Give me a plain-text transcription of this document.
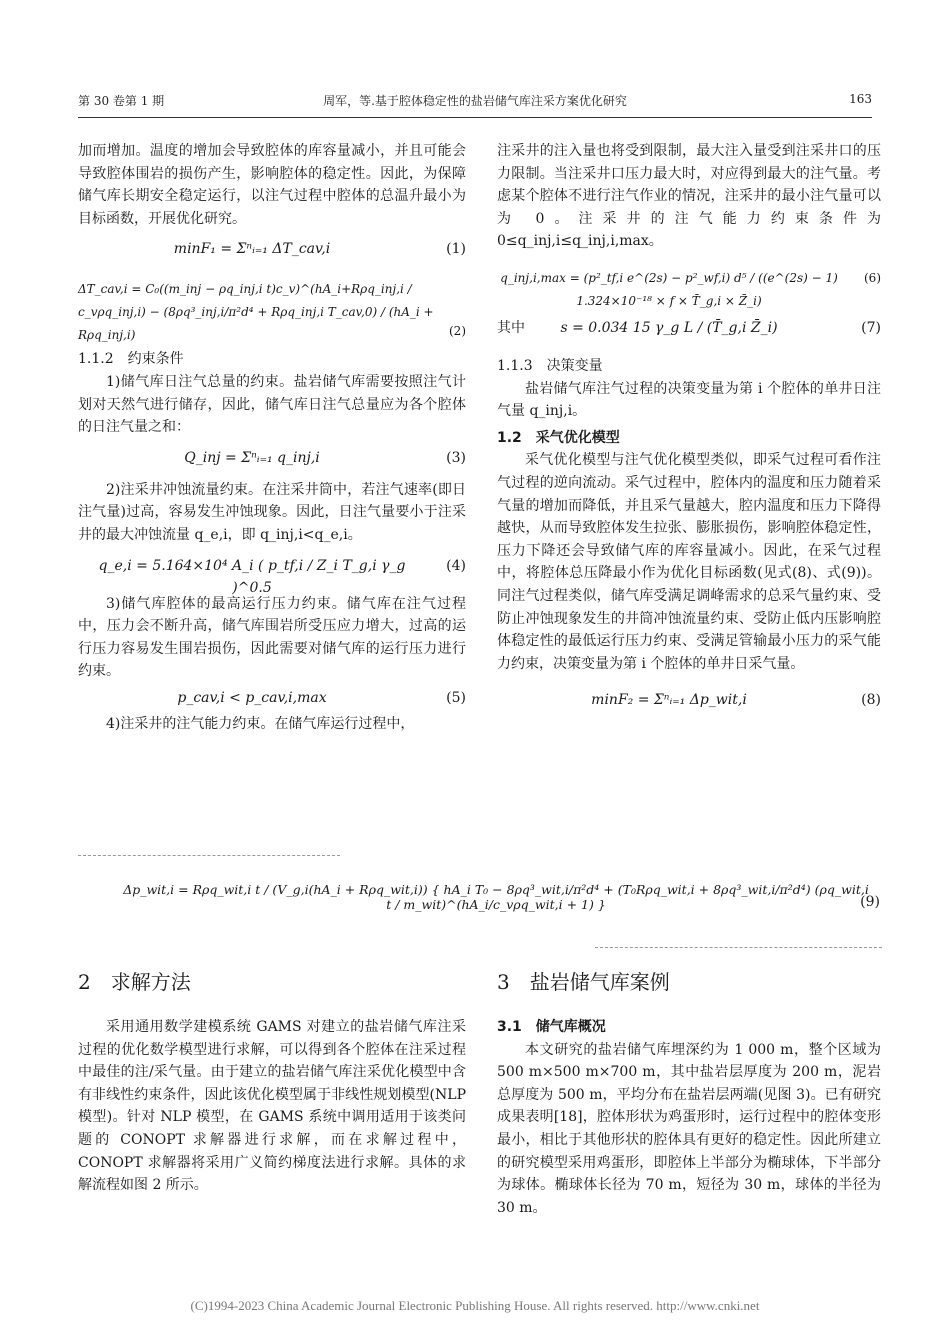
第 30 卷第 1 期	周军，等.基于腔体稳定性的盐岩储气库注采方案优化研究	163

加而增加。温度的增加会导致腔体的库容量减小，并且可能会导致腔体围岩的损伤产生，影响腔体的稳定性。因此，为保障储气库长期安全稳定运行，以注气过程中腔体的总温升最小为目标函数，开展优化研究。

minF₁ = Σⁿᵢ₌₁ ΔT_cav,i	(1)
ΔT_cav,i = C₀((m_inj − ρq_inj,i t)c_v)^(hA_i+Rρq_inj,i / c_vρq_inj,i) − (8ρq³_inj,i/π²d⁴ + Rρq_inj,i T_cav,0) / (hA_i + Rρq_inj,i)	(2)

1.1.2　约束条件

1)储气库日注气总量的约束。盐岩储气库需要按照注气计划对天然气进行储存，因此，储气库日注气总量应为各个腔体的日注气量之和：

Q_inj = Σⁿᵢ₌₁ q_inj,i	(3)

2)注采井冲蚀流量约束。在注采井筒中，若注气速率(即日注气量)过高，容易发生冲蚀现象。因此，日注气量要小于注采井的最大冲蚀流量 q_e,i，即 q_inj,i<q_e,i。

q_e,i = 5.164×10⁴ A_i ( p_tf,i / Z_i T_g,i γ_g )^0.5
(4)

3)储气库腔体的最高运行压力约束。储气库在注气过程中，压力会不断升高，储气库围岩所受压应力增大，过高的运行压力容易发生围岩损伤，因此需要对储气库的运行压力进行约束。

p_cav,i < p_cav,i,max	(5)

4)注采井的注气能力约束。在储气库运行过程中，

注采井的注入量也将受到限制，最大注入量受到注采井口的压力限制。当注采井口压力最大时，对应得到最大的注气量。考虑某个腔体不进行注气作业的情况，注采井的最小注气量可以为 0。注采井的注气能力约束条件为 0≤q_inj,i≤q_inj,i,max。

q_inj,i,max = (p²_tf,i e^(2s) − p²_wf,i) d⁵ / ((e^(2s) − 1) 1.324×10⁻¹⁸ × f × T̄_g,i × Z̄_i)
(6)
其中	s = 0.034 15 γ_g L / (T̄_g,i Z̄_i)	(7)

1.1.3　决策变量

盐岩储气库注气过程的决策变量为第 i 个腔体的单井日注气量 q_inj,i。

1.2　采气优化模型

采气优化模型与注气优化模型类似，即采气过程可看作注气过程的逆向流动。采气过程中，腔体内的温度和压力随着采气量的增加而降低，并且采气量越大，腔内温度和压力下降得越快，从而导致腔体发生拉张、膨胀损伤，影响腔体稳定性，压力下降还会导致储气库的库容量减小。因此，在采气过程中，将腔体总压降最小作为优化目标函数(见式(8)、式(9))。同注气过程类似，储气库受满足调峰需求的总采气量约束、受防止冲蚀现象发生的井筒冲蚀流量约束、受防止低内压影响腔体稳定性的最低运行压力约束、受满足管输最小压力的采气能力约束，决策变量为第 i 个腔体的单井日采气量。

minF₂ = Σⁿᵢ₌₁ Δp_wit,i	(8)
Δp_wit,i = Rρq_wit,i t / (V_g,i(hA_i + Rρq_wit,i)) { hA_i T₀ − 8ρq³_wit,i/π²d⁴ + (T₀Rρq_wit,i + 8ρq³_wit,i/π²d⁴) (ρq_wit,i t / m_wit)^(hA_i/c_vρq_wit,i + 1) }	(9)
2　求解方法

采用通用数学建模系统 GAMS 对建立的盐岩储气库注采过程的优化数学模型进行求解，可以得到各个腔体在注采过程中最佳的注/采气量。由于建立的盐岩储气库注采优化模型中含有非线性约束条件，因此该优化模型属于非线性规划模型(NLP 模型)。针对 NLP 模型，在 GAMS 系统中调用适用于该类问题的 CONOPT 求解器进行求解，而在求解过程中，CONOPT 求解器将采用广义简约梯度法进行求解。具体的求解流程如图 2 所示。

3　盐岩储气库案例

3.1　储气库概况

本文研究的盐岩储气库埋深约为 1 000 m，整个区域为 500 m×500 m×700 m，其中盐岩层厚度为 200 m，泥岩总厚度为 500 m，平均分布在盐岩层两端(见图 3)。已有研究成果表明[18]，腔体形状为鸡蛋形时，运行过程中的腔体变形最小，相比于其他形状的腔体具有更好的稳定性。因此所建立的研究模型采用鸡蛋形，即腔体上半部分为椭球体，下半部分为球体。椭球体长径为 70 m，短径为 30 m，球体的半径为 30 m。

(C)1994-2023 China Academic Journal Electronic Publishing House. All rights reserved. http://www.cnki.net
